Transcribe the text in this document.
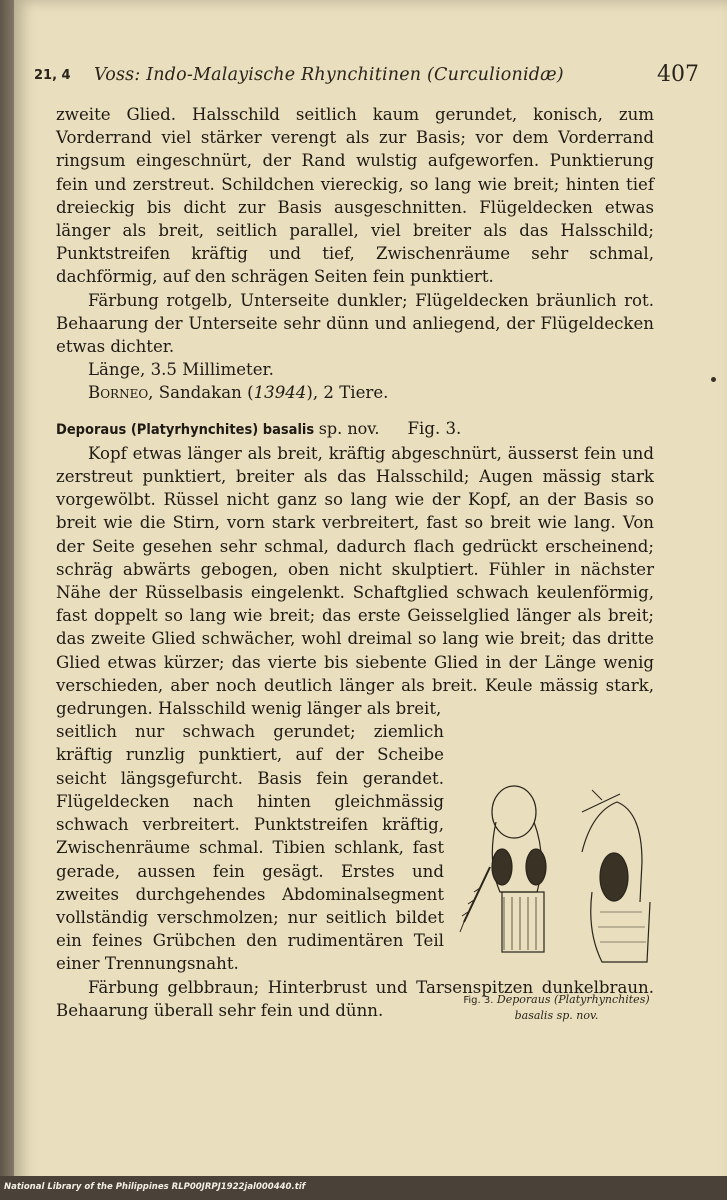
21, 4 Voss: Indo-Malayische Rhynchitinen (Curculionidæ)	407

zweite Glied. Halsschild seitlich kaum gerundet, konisch, zum Vorderrand viel stärker verengt als zur Basis; vor dem Vorderrand ringsum eingeschnürt, der Rand wulstig aufgeworfen. Punktierung fein und zerstreut. Schildchen viereckig, so lang wie breit; hinten tief dreieckig bis dicht zur Basis ausgeschnitten. Flügeldecken etwas länger als breit, seitlich parallel, viel breiter als das Halsschild; Punktstreifen kräftig und tief, Zwischenräume sehr schmal, dachförmig, auf den schrägen Seiten fein punktiert.

Färbung rotgelb, Unterseite dunkler; Flügeldecken bräunlich rot. Behaarung der Unterseite sehr dünn und anliegend, der Flügeldecken etwas dichter.

Länge, 3.5 Millimeter.

Borneo, Sandakan (13944), 2 Tiere.

Deporaus (Platyrhynchites) basalis sp. nov. Fig. 3.

Kopf etwas länger als breit, kräftig abgeschnürt, äusserst fein und zerstreut punktiert, breiter als das Halsschild; Augen mässig stark vorgewölbt. Rüssel nicht ganz so lang wie der Kopf, an der Basis so breit wie die Stirn, vorn stark verbreitert, fast so breit wie lang. Von der Seite gesehen sehr schmal, dadurch flach gedrückt erscheinend; schräg abwärts gebogen, oben nicht skulptiert. Fühler in nächster Nähe der Rüsselbasis eingelenkt. Schaftglied schwach keulenförmig, fast doppelt so lang wie breit; das erste Geisselglied länger als breit; das zweite Glied schwächer, wohl dreimal so lang wie breit; das dritte Glied etwas kürzer; das vierte bis siebente Glied in der Länge wenig verschieden, aber noch deutlich länger als breit. Keule mässig stark, gedrungen. Halsschild wenig länger als breit,

seitlich nur schwach gerundet; ziemlich kräftig runzlig punktiert, auf der Scheibe seicht längsgefurcht. Basis fein gerandet. Flügeldecken nach hinten gleichmässig schwach verbreitert. Punktstreifen kräftig, Zwischenräume schmal. Tibien schlank, fast gerade, aussen fein gesägt. Erstes und zweites durchgehendes Abdominalsegment vollständig verschmolzen; nur seitlich bildet ein feines Grübchen den rudimentären Teil einer Trennungsnaht.

Färbung gelbbraun; Hinterbrust und Tarsenspitzen dunkelbraun. Behaarung überall sehr fein und dünn.

Fig. 3. Deporaus (Platyrhynchites) basalis sp. nov.
National Library of the Philippines RLP00JRPJ1922jal000440.tif
